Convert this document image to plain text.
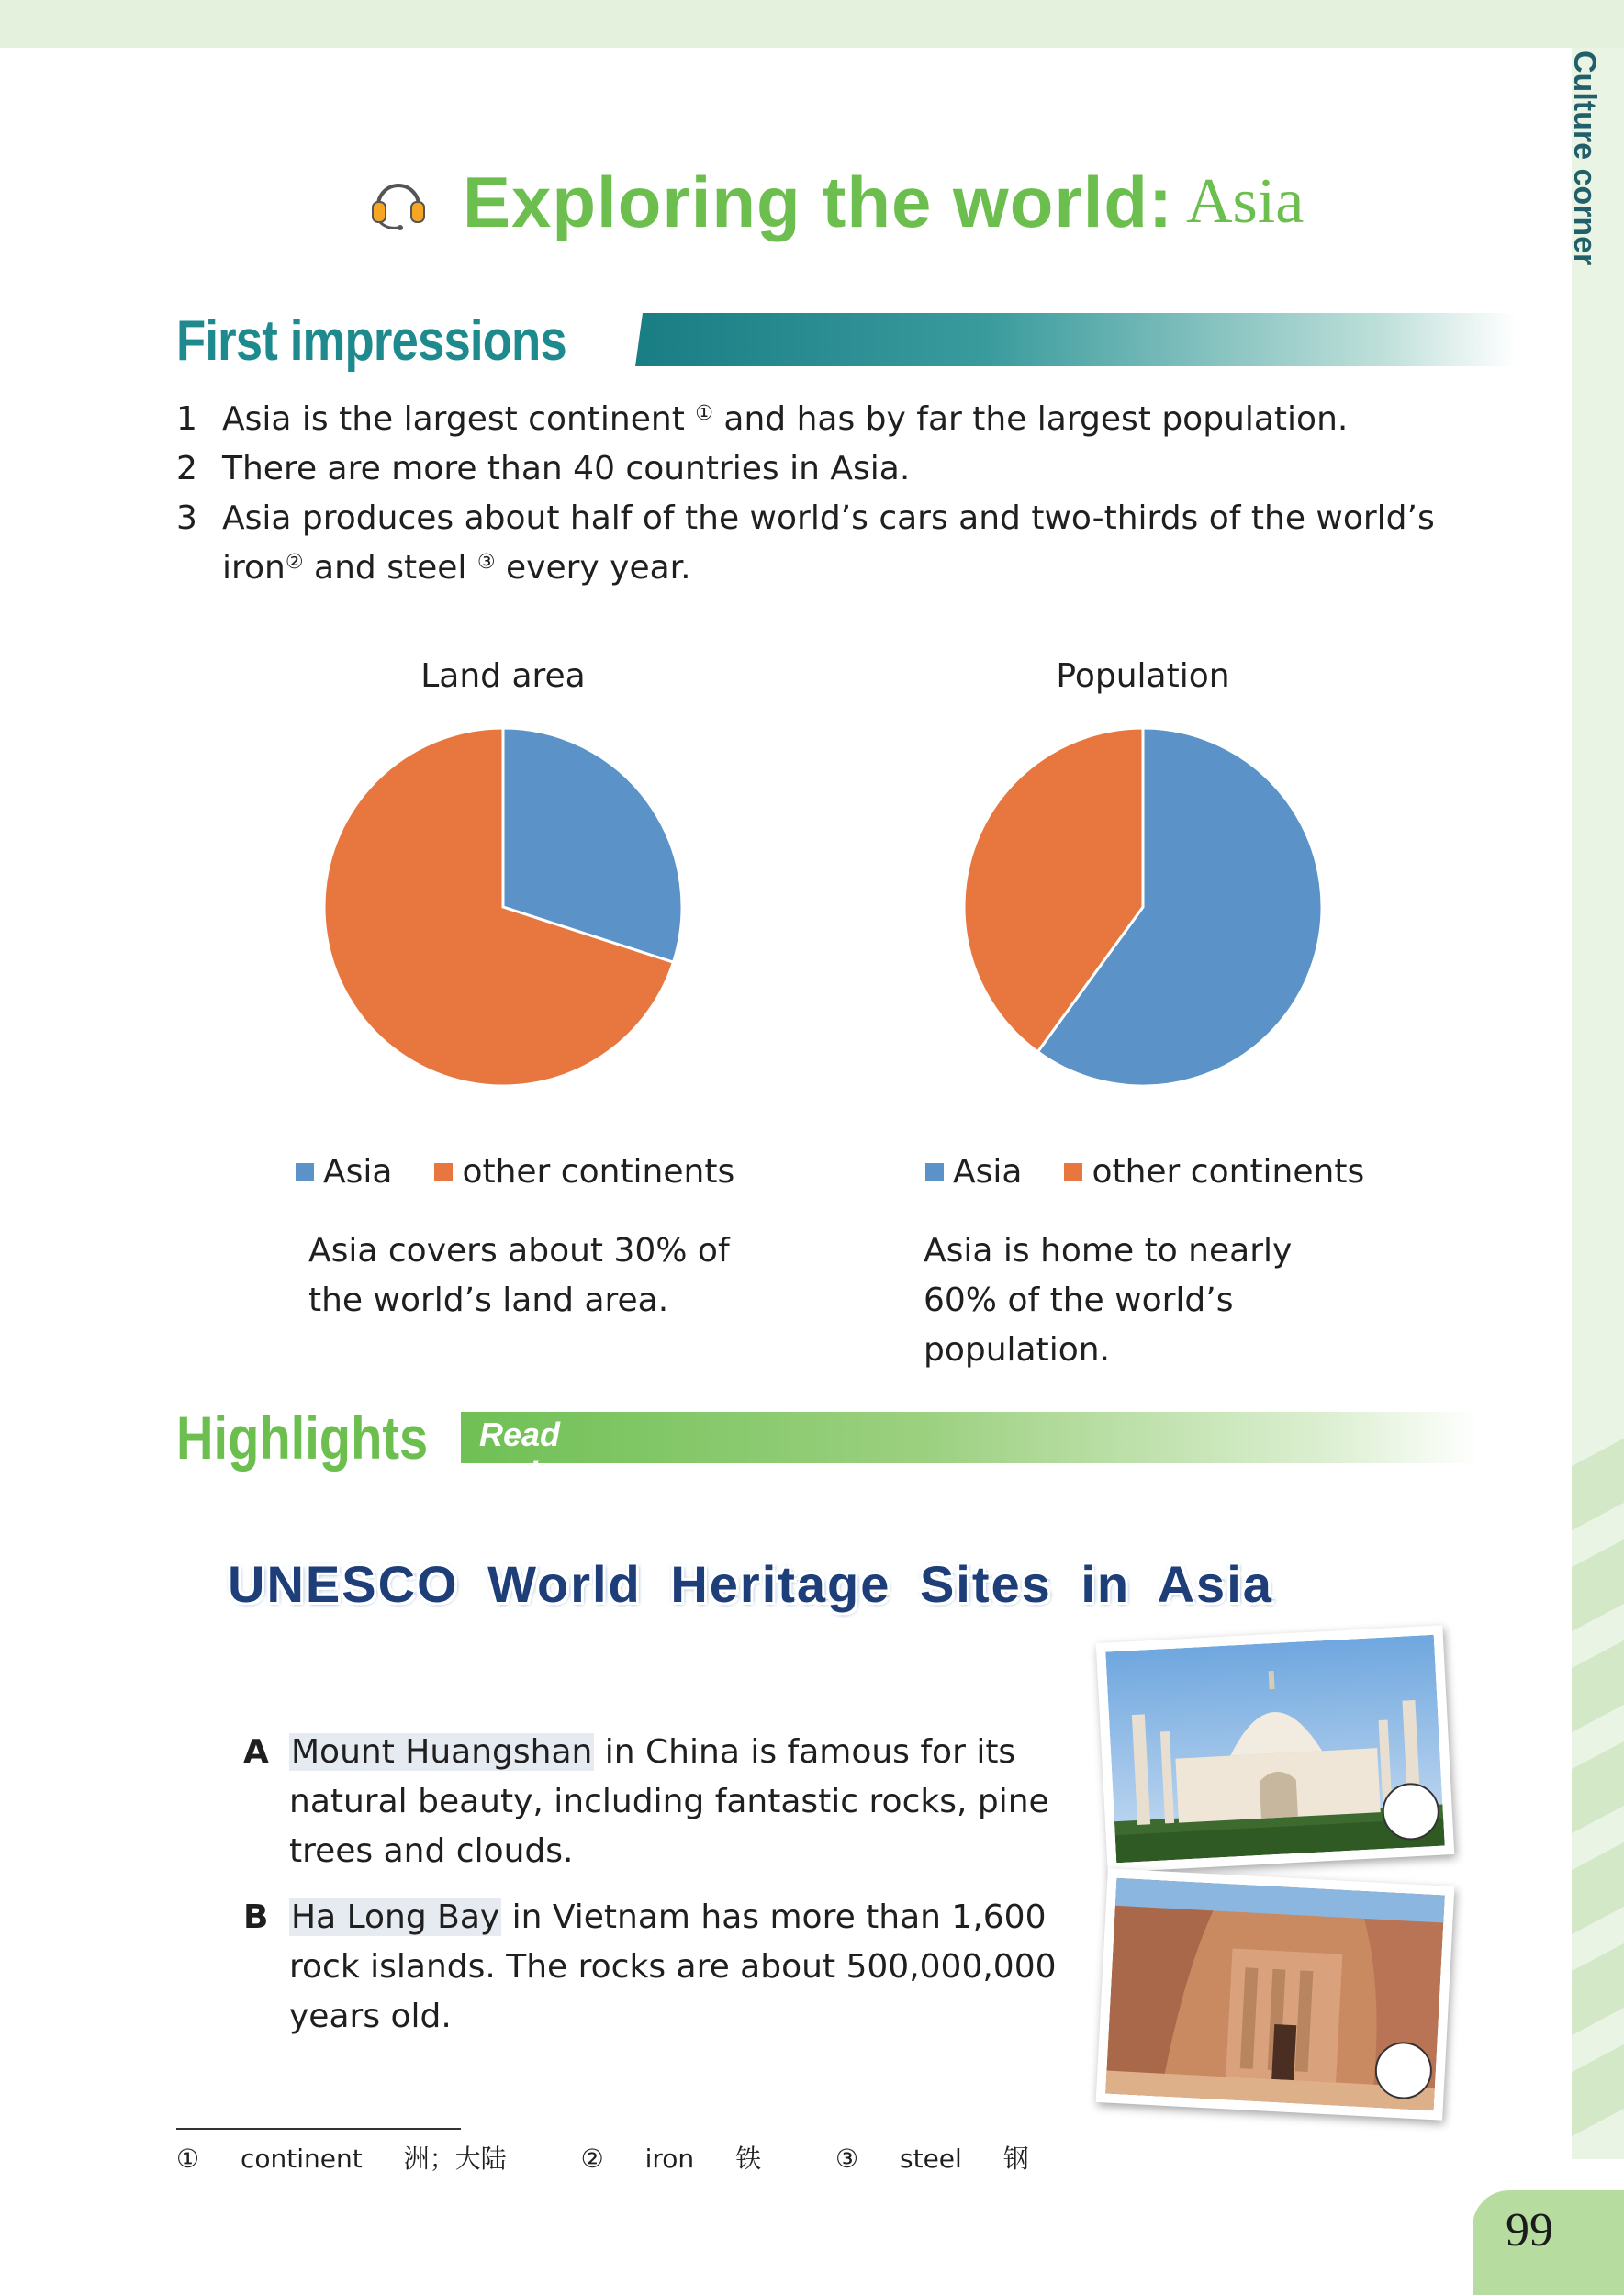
Culture corner
99
Exploring the world: Asia
First impressions
1 Asia is the largest continent ① and has by far the largest population.
2 There are more than 40 countries in Asia.
3 Asia produces about half of the world’s cars and two-thirds of the world’s iron② and steel ③ every year.
Land area
Asia other continents
Asia covers about 30% of the world’s land area.
Population
Asia other continents
Asia is home to nearly 60% of the world’s population.
Highlights Read and match.
UNESCO World Heritage Sites in Asia
A Mount Huangshan in China is famous for its natural beauty, including fantastic rocks, pine trees and clouds.
B Ha Long Bay in Vietnam has more than 1,600 rock islands. The rocks are about 500,000,000 years old.
① continent 洲；大陆	② iron 铁	③ steel 钢
